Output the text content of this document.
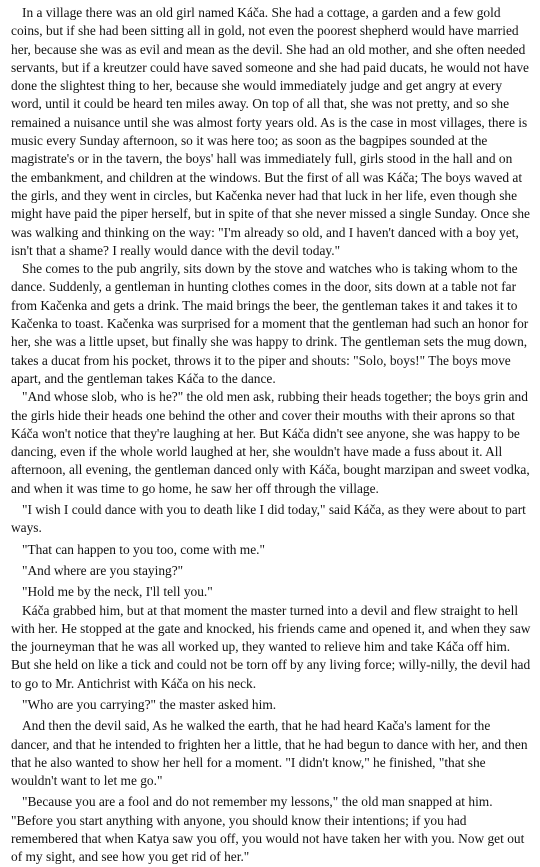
In a village there was an old girl named Káča. She had a cottage, a garden and a few gold coins, but if she had been sitting all in gold, not even the poorest shepherd would have married her, because she was as evil and mean as the devil. She had an old mother, and she often needed servants, but if a kreutzer could have saved someone and she had paid ducats, he would not have done the slightest thing to her, because she would immediately judge and get angry at every word, until it could be heard ten miles away. On top of all that, she was not pretty, and so she remained a nuisance until she was almost forty years old. As is the case in most villages, there is music every Sunday afternoon, so it was here too; as soon as the bagpipes sounded at the magistrate's or in the tavern, the boys' hall was immediately full, girls stood in the hall and on the embankment, and children at the windows. But the first of all was Káča; The boys waved at the girls, and they went in circles, but Kačenka never had that luck in her life, even though she might have paid the piper herself, but in spite of that she never missed a single Sunday. Once she was walking and thinking on the way: "I'm already so old, and I haven't danced with a boy yet, isn't that a shame? I really would dance with the devil today."

She comes to the pub angrily, sits down by the stove and watches who is taking whom to the dance. Suddenly, a gentleman in hunting clothes comes in the door, sits down at a table not far from Kačenka and gets a drink. The maid brings the beer, the gentleman takes it and takes it to Kačenka to toast. Kačenka was surprised for a moment that the gentleman had such an honor for her, she was a little upset, but finally she was happy to drink. The gentleman sets the mug down, takes a ducat from his pocket, throws it to the piper and shouts: "Solo, boys!" The boys move apart, and the gentleman takes Káča to the dance.

"And whose slob, who is he?" the old men ask, rubbing their heads together; the boys grin and the girls hide their heads one behind the other and cover their mouths with their aprons so that Káča won't notice that they're laughing at her. But Káča didn't see anyone, she was happy to be dancing, even if the whole world laughed at her, she wouldn't have made a fuss about it. All afternoon, all evening, the gentleman danced only with Káča, bought marzipan and sweet vodka, and when it was time to go home, he saw her off through the village.

"I wish I could dance with you to death like I did today," said Káča, as they were about to part ways.

"That can happen to you too, come with me."

"And where are you staying?"

"Hold me by the neck, I'll tell you."

Káča grabbed him, but at that moment the master turned into a devil and flew straight to hell with her. He stopped at the gate and knocked, his friends came and opened it, and when they saw the journeyman that he was all worked up, they wanted to relieve him and take Káča off him. But she held on like a tick and could not be torn off by any living force; willy-nilly, the devil had to go to Mr. Antichrist with Káča on his neck.

"Who are you carrying?" the master asked him.

And then the devil said, As he walked the earth, that he had heard Kača's lament for the dancer, and that he intended to frighten her a little, that he had begun to dance with her, and then that he also wanted to show her hell for a moment. "I didn't know," he finished, "that she wouldn't want to let me go."

"Because you are a fool and do not remember my lessons," the old man snapped at him. "Before you start anything with anyone, you should know their intentions; if you had remembered that when Katya saw you off, you would not have taken her with you. Now get out of my sight, and see how you get rid of her."
